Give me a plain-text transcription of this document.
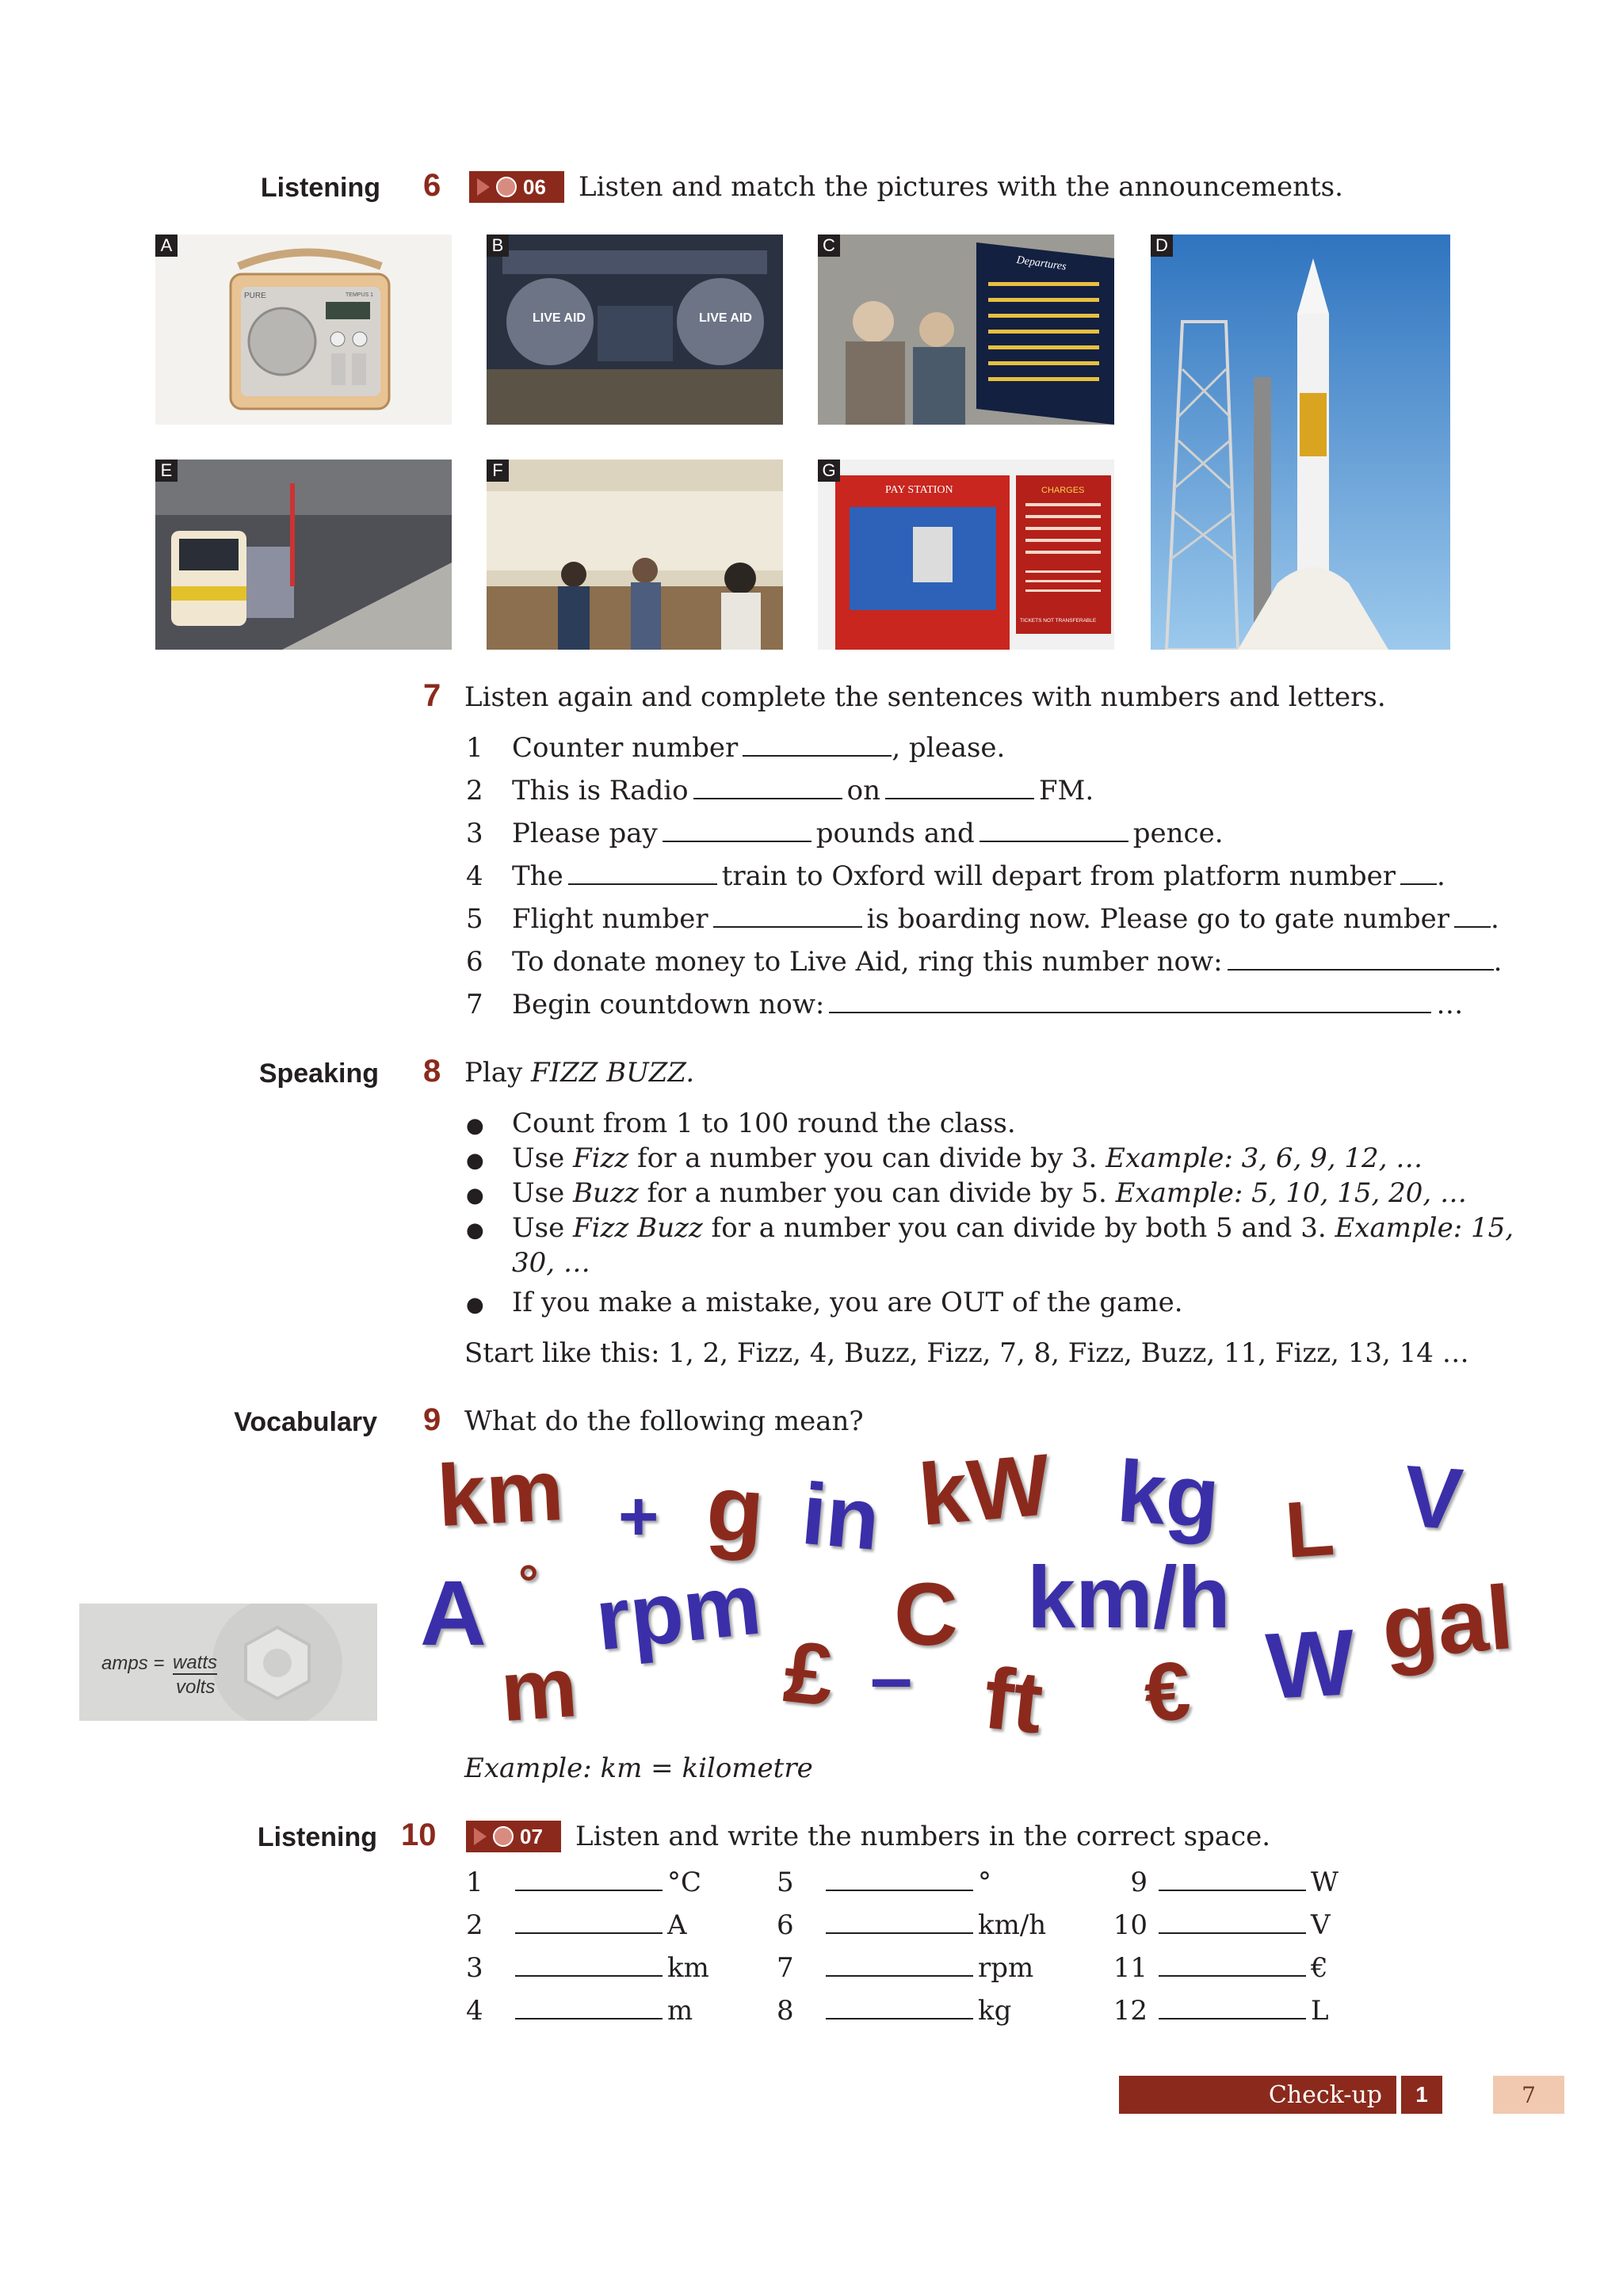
Listening 6	06 Listen and match the pictures with the announcements.
A
PURE	TEMPUS 1
B
LIVE AID	LIVE AID
C
Departures
D
E	F	G
PAY STATION	CHARGES
TICKETS NOT TRANSFERABLE
7 Listen again and complete the sentences with numbers and letters.
1	Counter number	, please.
2	This is Radio	on	FM.
3	Please pay	pounds and	pence.
4	The	train to Oxford will depart from platform number .
5	Flight number	is boarding now. Please go to gate number .
6	To donate money to Live Aid, ring this number now:	.
7	Begin countdown now:	…
Speaking 8 Play FIZZ BUZZ.
● Count from 1 to 100 round the class.
● Use Fizz for a number you can divide by 3. Example: 3, 6, 9, 12, …
● Use Buzz for a number you can divide by 5. Example: 5, 10, 15, 20, …
● Use Fizz Buzz for a number you can divide by both 5 and 3. Example: 15,
30, …
● If you make a mistake, you are OUT of the game.
Start like this: 1, 2, Fizz, 4, Buzz, Fizz, 7, 8, Fizz, Buzz, 11, Fizz, 13, 14 …
Vocabulary 9 What do the following mean?
km + g in kW kg L V
A ° rpm C km/h
m £ – ft € W gal
amps = watts
volts
Example: km = kilometre
Listening 10	07 Listen and write the numbers in the correct space.
1	°C
2	A
3	km
4	m
5	°
6	km/h
7	rpm
8	kg
9	W
10	V
11	€
12	L
Check-up 1	7
